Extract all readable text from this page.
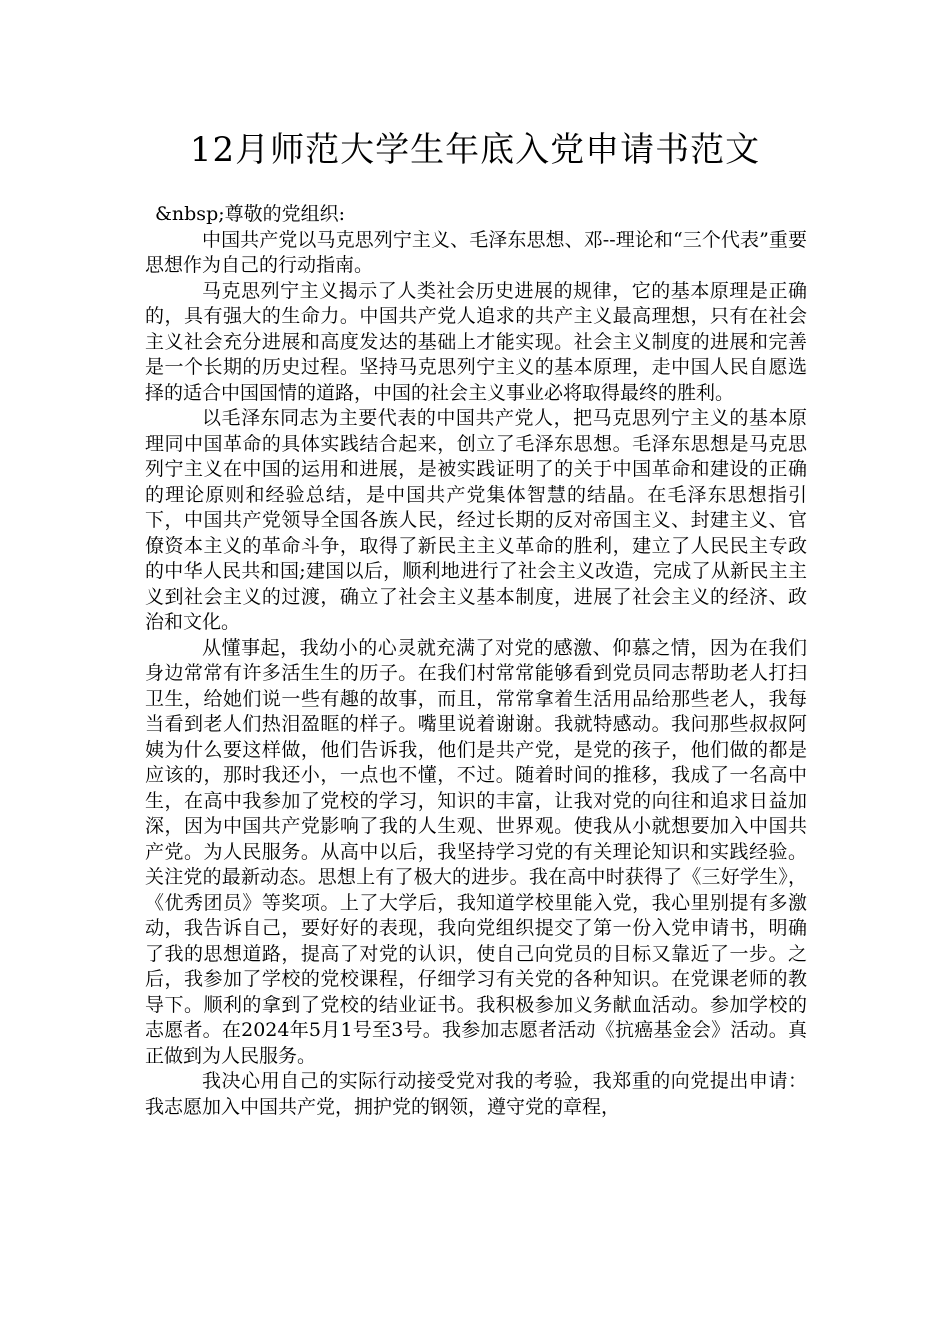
12月师范大学生年底入党申请书范文

&nbsp;尊敬的党组织:

中国共产党以马克思列宁主义、毛泽东思想、邓--理论和“三个代表”重要思想作为自己的行动指南。

马克思列宁主义揭示了人类社会历史进展的规律，它的基本原理是正确的，具有强大的生命力。中国共产党人追求的共产主义最高理想，只有在社会主义社会充分进展和高度发达的基础上才能实现。社会主义制度的进展和完善是一个长期的历史过程。坚持马克思列宁主义的基本原理，走中国人民自愿选择的适合中国国情的道路，中国的社会主义事业必将取得最终的胜利。

以毛泽东同志为主要代表的中国共产党人，把马克思列宁主义的基本原理同中国革命的具体实践结合起来，创立了毛泽东思想。毛泽东思想是马克思列宁主义在中国的运用和进展，是被实践证明了的关于中国革命和建设的正确的理论原则和经验总结，是中国共产党集体智慧的结晶。在毛泽东思想指引下，中国共产党领导全国各族人民，经过长期的反对帝国主义、封建主义、官僚资本主义的革命斗争，取得了新民主主义革命的胜利，建立了人民民主专政的中华人民共和国;建国以后，顺利地进行了社会主义改造，完成了从新民主主义到社会主义的过渡，确立了社会主义基本制度，进展了社会主义的经济、政治和文化。

从懂事起，我幼小的心灵就充满了对党的感激、仰慕之情，因为在我们身边常常有许多活生生的历子。在我们村常常能够看到党员同志帮助老人打扫卫生，给她们说一些有趣的故事，而且，常常拿着生活用品给那些老人，我每当看到老人们热泪盈眶的样子。嘴里说着谢谢。我就特感动。我问那些叔叔阿姨为什么要这样做，他们告诉我，他们是共产党，是党的孩子，他们做的都是应该的，那时我还小，一点也不懂，不过。随着时间的推移，我成了一名高中生，在高中我参加了党校的学习，知识的丰富，让我对党的向往和追求日益加深，因为中国共产党影响了我的人生观、世界观。使我从小就想要加入中国共产党。为人民服务。从高中以后，我坚持学习党的有关理论知识和实践经验。关注党的最新动态。思想上有了极大的进步。我在高中时获得了《三好学生》，《优秀团员》等奖项。上了大学后，我知道学校里能入党，我心里别提有多激动，我告诉自己，要好好的表现，我向党组织提交了第一份入党申请书，明确了我的思想道路，提高了对党的认识，使自己向党员的目标又靠近了一步。之后，我参加了学校的党校课程，仔细学习有关党的各种知识。在党课老师的教导下。顺利的拿到了党校的结业证书。我积极参加义务献血活动。参加学校的志愿者。在2024年5月1号至3号。我参加志愿者活动《抗癌基金会》活动。真正做到为人民服务。

我决心用自己的实际行动接受党对我的考验，我郑重的向党提出申请：我志愿加入中国共产党，拥护党的钢领，遵守党的章程，
